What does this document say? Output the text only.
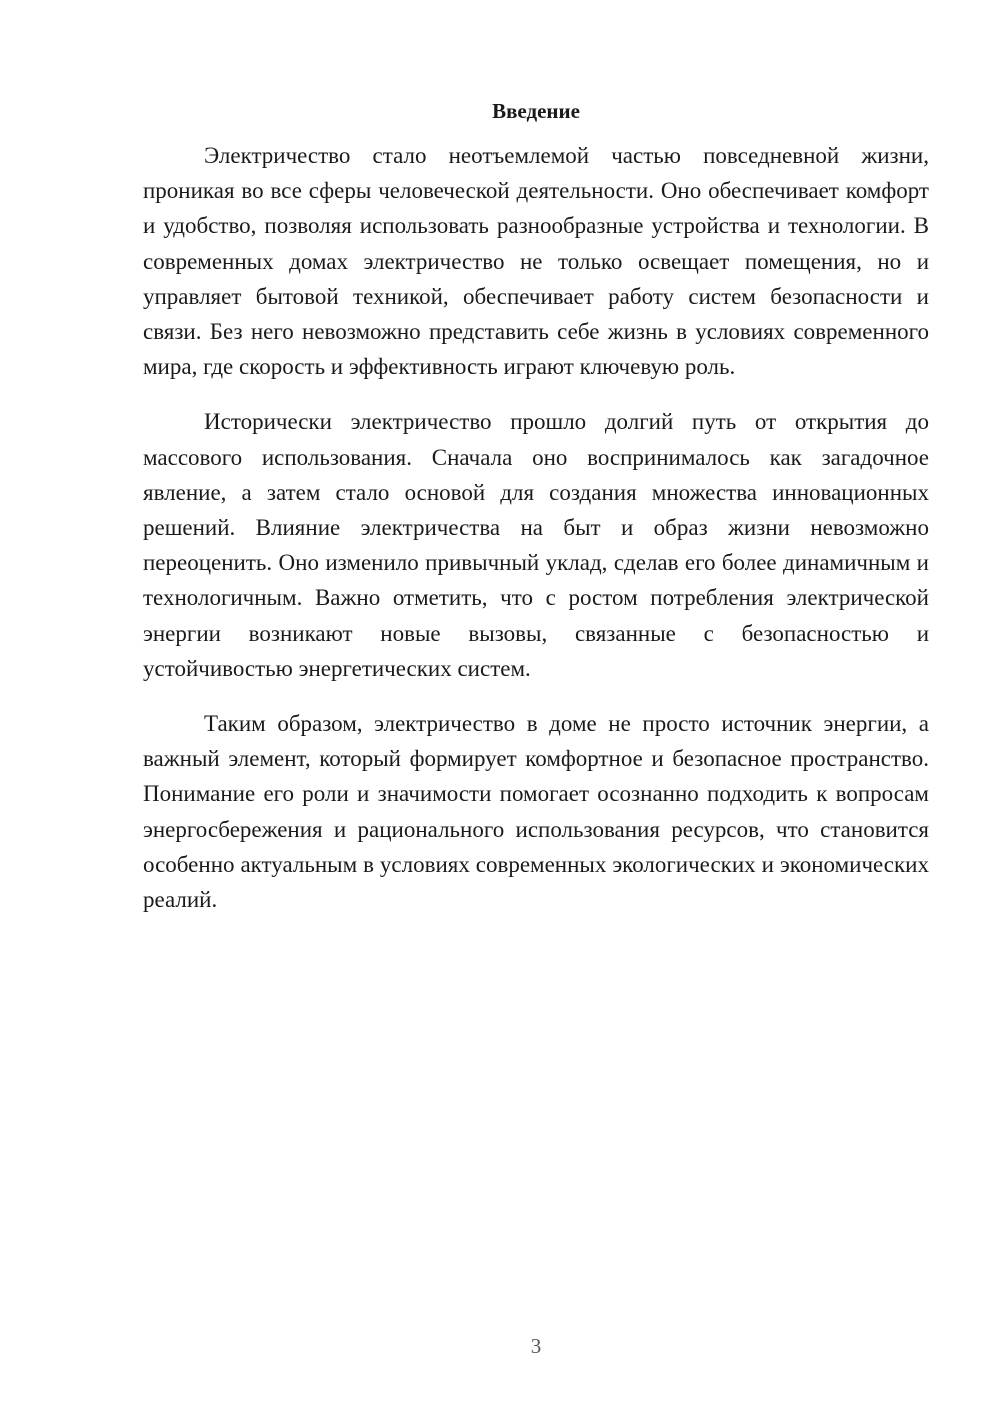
Введение

Электричество стало неотъемлемой частью повседневной жизни, проникая во все сферы человеческой деятельности. Оно обеспечивает комфорт и удобство, позволяя использовать разнообразные устройства и технологии. В современных домах электричество не только освещает помещения, но и управляет бытовой техникой, обеспечивает работу систем безопасности и связи. Без него невозможно представить себе жизнь в условиях современного мира, где скорость и эффективность играют ключевую роль.

Исторически электричество прошло долгий путь от открытия до массового использования. Сначала оно воспринималось как загадочное явление, а затем стало основой для создания множества инновационных решений. Влияние электричества на быт и образ жизни невозможно переоценить. Оно изменило привычный уклад, сделав его более динамичным и технологичным. Важно отметить, что с ростом потребления электрической энергии возникают новые вызовы, связанные с безопасностью и устойчивостью энергетических систем.

Таким образом, электричество в доме не просто источник энергии, а важный элемент, который формирует комфортное и безопасное пространство. Понимание его роли и значимости помогает осознанно подходить к вопросам энергосбережения и рационального использования ресурсов, что становится особенно актуальным в условиях современных экологических и экономических реалий.

3
